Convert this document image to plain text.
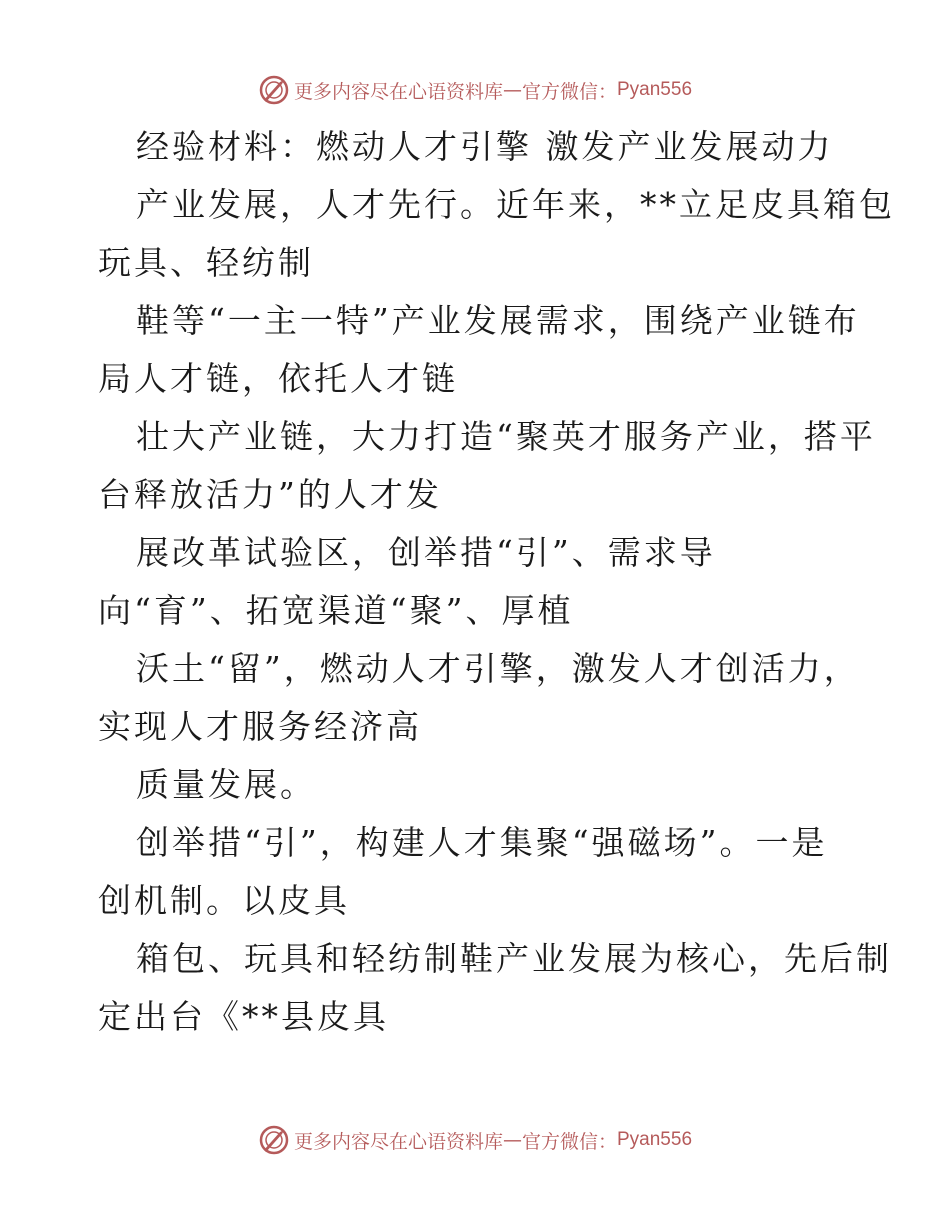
更多内容尽在心语资料库 — 官方微信： Pyan556
经验材料：燃动人才引擎 激发产业发展动力
产业发展，人才先行。近年来，**立足皮具箱包
玩具、轻纺制
鞋等“一主一特”产业发展需求，围绕产业链布
局人才链，依托人才链
壮大产业链，大力打造“聚英才服务产业，搭平
台释放活力”的人才发
展改革试验区，创举措“引”、需求导
向“育”、拓宽渠道“聚”、厚植
沃土“留”，燃动人才引擎，激发人才创活力，
实现人才服务经济高
质量发展。
创举措“引”，构建人才集聚“强磁场”。一是
创机制。以皮具
箱包、玩具和轻纺制鞋产业发展为核心，先后制
定出台《**县皮具
更多内容尽在心语资料库 — 官方微信： Pyan556
